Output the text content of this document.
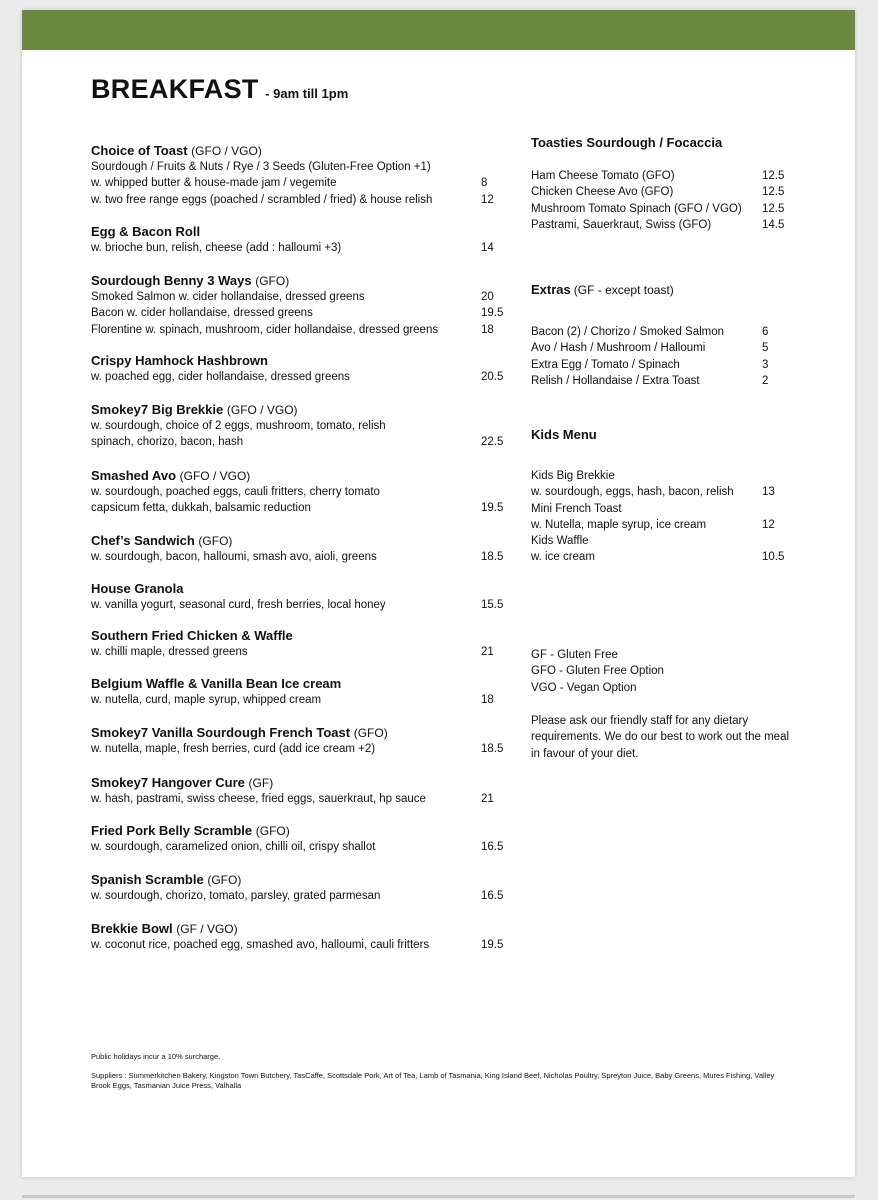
BREAKFAST - 9am till 1pm
Choice of Toast (GFO / VGO)
Sourdough / Fruits & Nuts / Rye / 3 Seeds (Gluten-Free Option +1)
w. whipped butter & house-made jam / vegemite	8
w. two free range eggs (poached / scrambled / fried) & house relish	12
Egg & Bacon Roll
w. brioche bun, relish, cheese (add : halloumi +3)	14
Sourdough Benny 3 Ways (GFO)
Smoked Salmon w. cider hollandaise, dressed greens	20
Bacon w. cider hollandaise, dressed greens	19.5
Florentine w. spinach, mushroom, cider hollandaise, dressed greens	18
Crispy Hamhock Hashbrown
w. poached egg, cider hollandaise, dressed greens	20.5
Smokey7 Big Brekkie (GFO / VGO)
w. sourdough, choice of 2 eggs, mushroom, tomato, relish
spinach, chorizo, bacon, hash	22.5
Smashed Avo (GFO / VGO)
w. sourdough, poached eggs, cauli fritters, cherry tomato
capsicum fetta, dukkah, balsamic reduction	19.5
Chef’s Sandwich (GFO)
w. sourdough, bacon, halloumi, smash avo, aioli, greens	18.5
House Granola
w. vanilla yogurt, seasonal curd, fresh berries, local honey	15.5
Southern Fried Chicken & Waffle
w. chilli maple, dressed greens	21
Belgium Waffle & Vanilla Bean Ice cream
w. nutella, curd, maple syrup, whipped cream	18
Smokey7 Vanilla Sourdough French Toast (GFO)
w. nutella, maple, fresh berries, curd (add ice cream +2)	18.5
Smokey7 Hangover Cure (GF)
w. hash, pastrami, swiss cheese, fried eggs, sauerkraut, hp sauce	21
Fried Pork Belly Scramble (GFO)
w. sourdough, caramelized onion, chilli oil, crispy shallot	16.5
Spanish Scramble (GFO)
w. sourdough, chorizo, tomato, parsley, grated parmesan	16.5
Brekkie Bowl (GF / VGO)
w. coconut rice, poached egg, smashed avo, halloumi, cauli fritters	19.5
Toasties Sourdough / Focaccia
Ham Cheese Tomato (GFO)	12.5
Chicken Cheese Avo (GFO)	12.5
Mushroom Tomato Spinach (GFO / VGO) 12.5
Pastrami, Sauerkraut, Swiss (GFO)	14.5
Extras (GF - except toast)
Bacon (2) / Chorizo / Smoked Salmon	6
Avo / Hash / Mushroom / Halloumi	5
Extra Egg / Tomato / Spinach	3
Relish / Hollandaise / Extra Toast	2
Kids Menu
Kids Big Brekkie
w. sourdough, eggs, hash, bacon, relish 13
Mini French Toast
w. Nutella, maple syrup, ice cream	12
Kids Waffle
w. ice cream	10.5
GF - Gluten Free
GFO - Gluten Free Option
VGO - Vegan Option
Please ask our friendly staff for any dietary requirements. We do our best to work out the meal in favour of your diet.
Public holidays incur a 10% surcharge.
Suppliers : Summerkitchen Bakery, Kingston Town Butchery, TasCaffe, Scottsdale Pork, Art of Tea, Lamb of Tasmania, King Island Beef, Nicholas Poultry, Spreyton Juice, Baby Greens, Mures Fishing, Valley Brook Eggs, Tasmanian Juice Press, Valhalla
